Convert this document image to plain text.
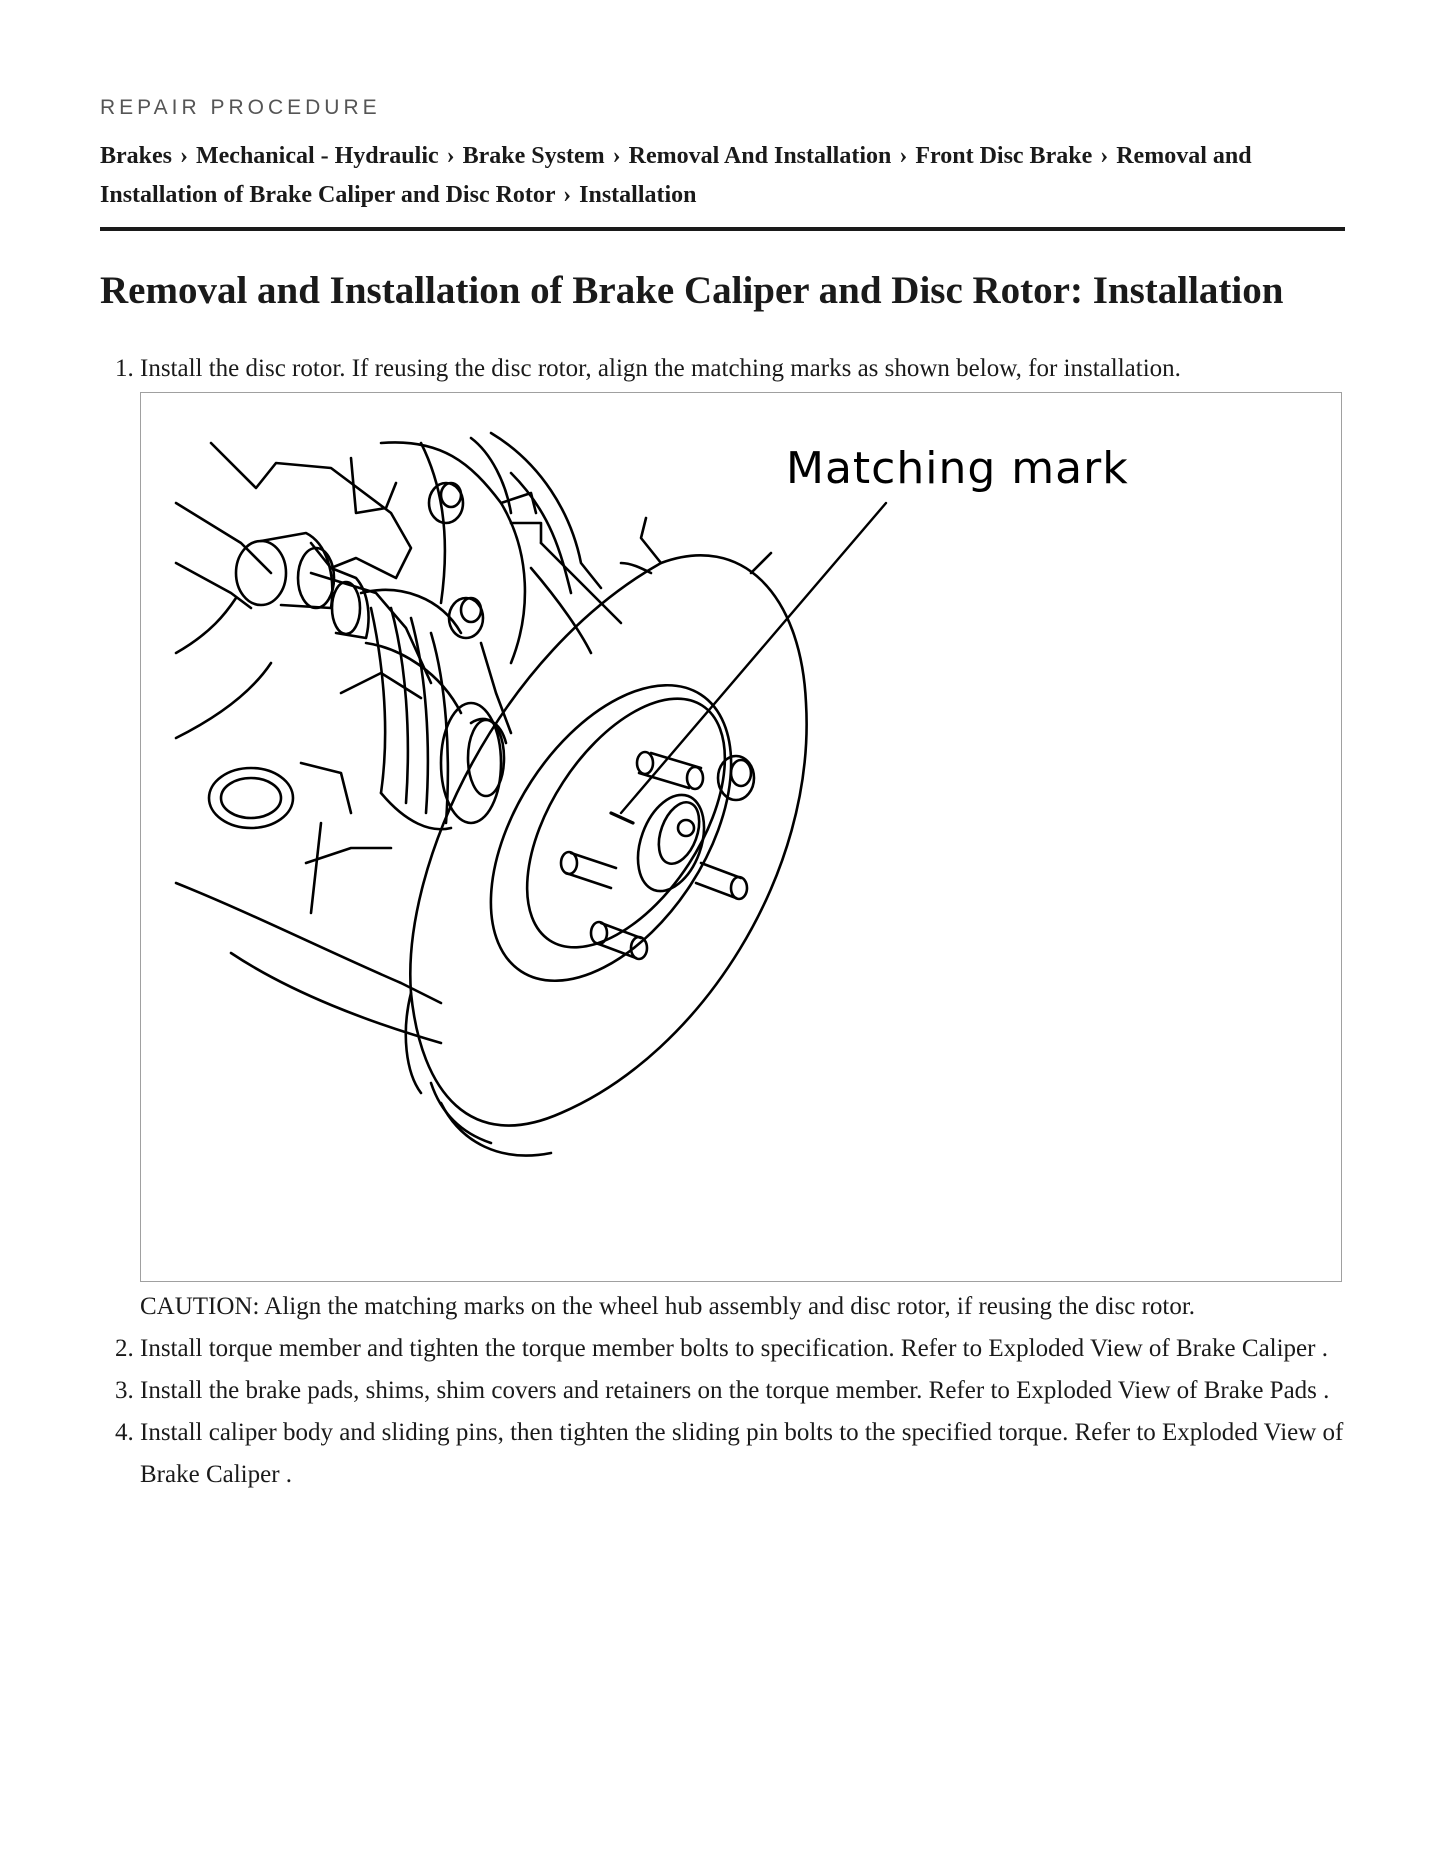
REPAIR PROCEDURE
Brakes › Mechanical - Hydraulic › Brake System › Removal And Installation › Front Disc Brake › Removal and Installation of Brake Caliper and Disc Rotor › Installation
Removal and Installation of Brake Caliper and Disc Rotor: Installation
1. Install the disc rotor. If reusing the disc rotor, align the matching marks as shown below, for installation.
Matching mark
CAUTION: Align the matching marks on the wheel hub assembly and disc rotor, if reusing the disc rotor.
2. Install torque member and tighten the torque member bolts to specification. Refer to Exploded View of Brake Caliper .
3. Install the brake pads, shims, shim covers and retainers on the torque member. Refer to Exploded View of Brake Pads .
4. Install caliper body and sliding pins, then tighten the sliding pin bolts to the specified torque. Refer to Exploded View of Brake Caliper .
